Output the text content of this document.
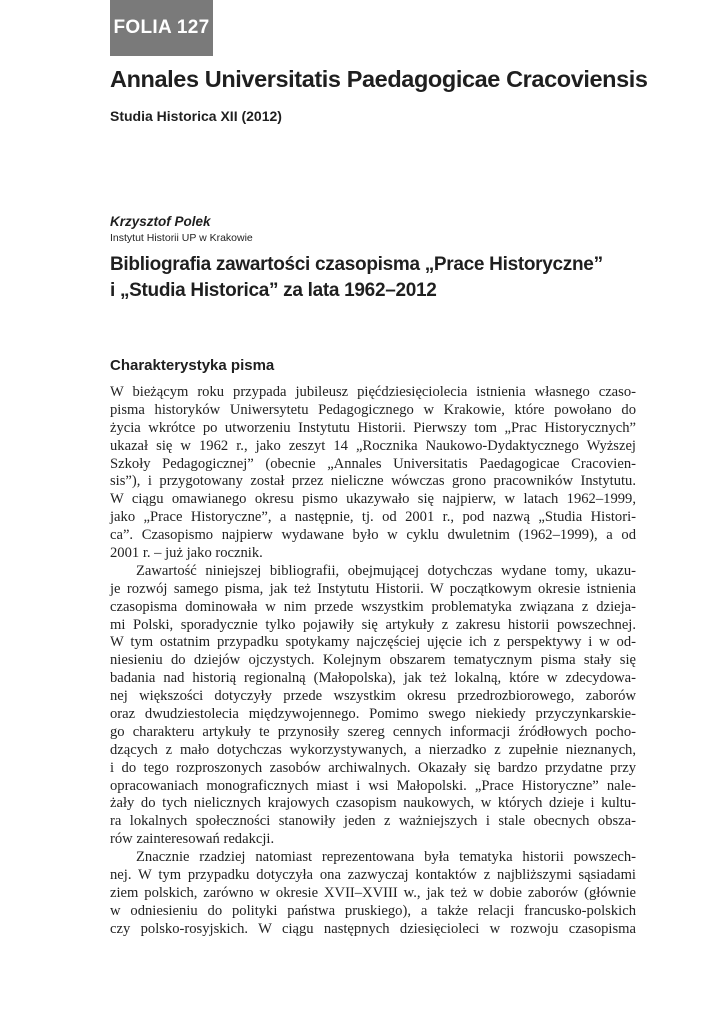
FOLIA 127
Annales Universitatis Paedagogicae Cracoviensis
Studia Historica XII (2012)
Krzysztof Polek
Instytut Historii UP w Krakowie
Bibliografia zawartości czasopisma „Prace Historyczne”
i „Studia Historica” za lata 1962–2012
Charakterystyka pisma
W bieżącym roku przypada jubileusz pięćdziesięciolecia istnienia własnego czaso-
pisma historyków Uniwersytetu Pedagogicznego w Krakowie, które powołano do
życia wkrótce po utworzeniu Instytutu Historii. Pierwszy tom „Prac Historycznych”
ukazał się w 1962 r., jako zeszyt 14 „Rocznika Naukowo-Dydaktycznego Wyższej
Szkoły Pedagogicznej” (obecnie „Annales Universitatis Paedagogicae Cracovien-
sis”), i przygotowany został przez nieliczne wówczas grono pracowników Instytutu.
W ciągu omawianego okresu pismo ukazywało się najpierw, w latach 1962–1999,
jako „Prace Historyczne”, a następnie, tj. od 2001 r., pod nazwą „Studia Histori-
ca”. Czasopismo najpierw wydawane było w cyklu dwuletnim (1962–1999), a od
2001 r. – już jako rocznik.
Zawartość niniejszej bibliografii, obejmującej dotychczas wydane tomy, ukazu-
je rozwój samego pisma, jak też Instytutu Historii. W początkowym okresie istnienia
czasopisma dominowała w nim przede wszystkim problematyka związana z dzieja-
mi Polski, sporadycznie tylko pojawiły się artykuły z zakresu historii powszechnej.
W tym ostatnim przypadku spotykamy najczęściej ujęcie ich z perspektywy i w od-
niesieniu do dziejów ojczystych. Kolejnym obszarem tematycznym pisma stały się
badania nad historią regionalną (Małopolska), jak też lokalną, które w zdecydowa-
nej większości dotyczyły przede wszystkim okresu przedrozbiorowego, zaborów
oraz dwudziestolecia międzywojennego. Pomimo swego niekiedy przyczynkarskie-
go charakteru artykuły te przynosiły szereg cennych informacji źródłowych pocho-
dzących z mało dotychczas wykorzystywanych, a nierzadko z zupełnie nieznanych,
i do tego rozproszonych zasobów archiwalnych. Okazały się bardzo przydatne przy
opracowaniach monograficznych miast i wsi Małopolski. „Prace Historyczne” nale-
żały do tych nielicznych krajowych czasopism naukowych, w których dzieje i kultu-
ra lokalnych społeczności stanowiły jeden z ważniejszych i stale obecnych obsza-
rów zainteresowań redakcji.
Znacznie rzadziej natomiast reprezentowana była tematyka historii powszech-
nej. W tym przypadku dotyczyła ona zazwyczaj kontaktów z najbliższymi sąsiadami
ziem polskich, zarówno w okresie XVII–XVIII w., jak też w dobie zaborów (głównie
w odniesieniu do polityki państwa pruskiego), a także relacji francusko-polskich
czy polsko-rosyjskich. W ciągu następnych dziesięcioleci w rozwoju czasopisma
